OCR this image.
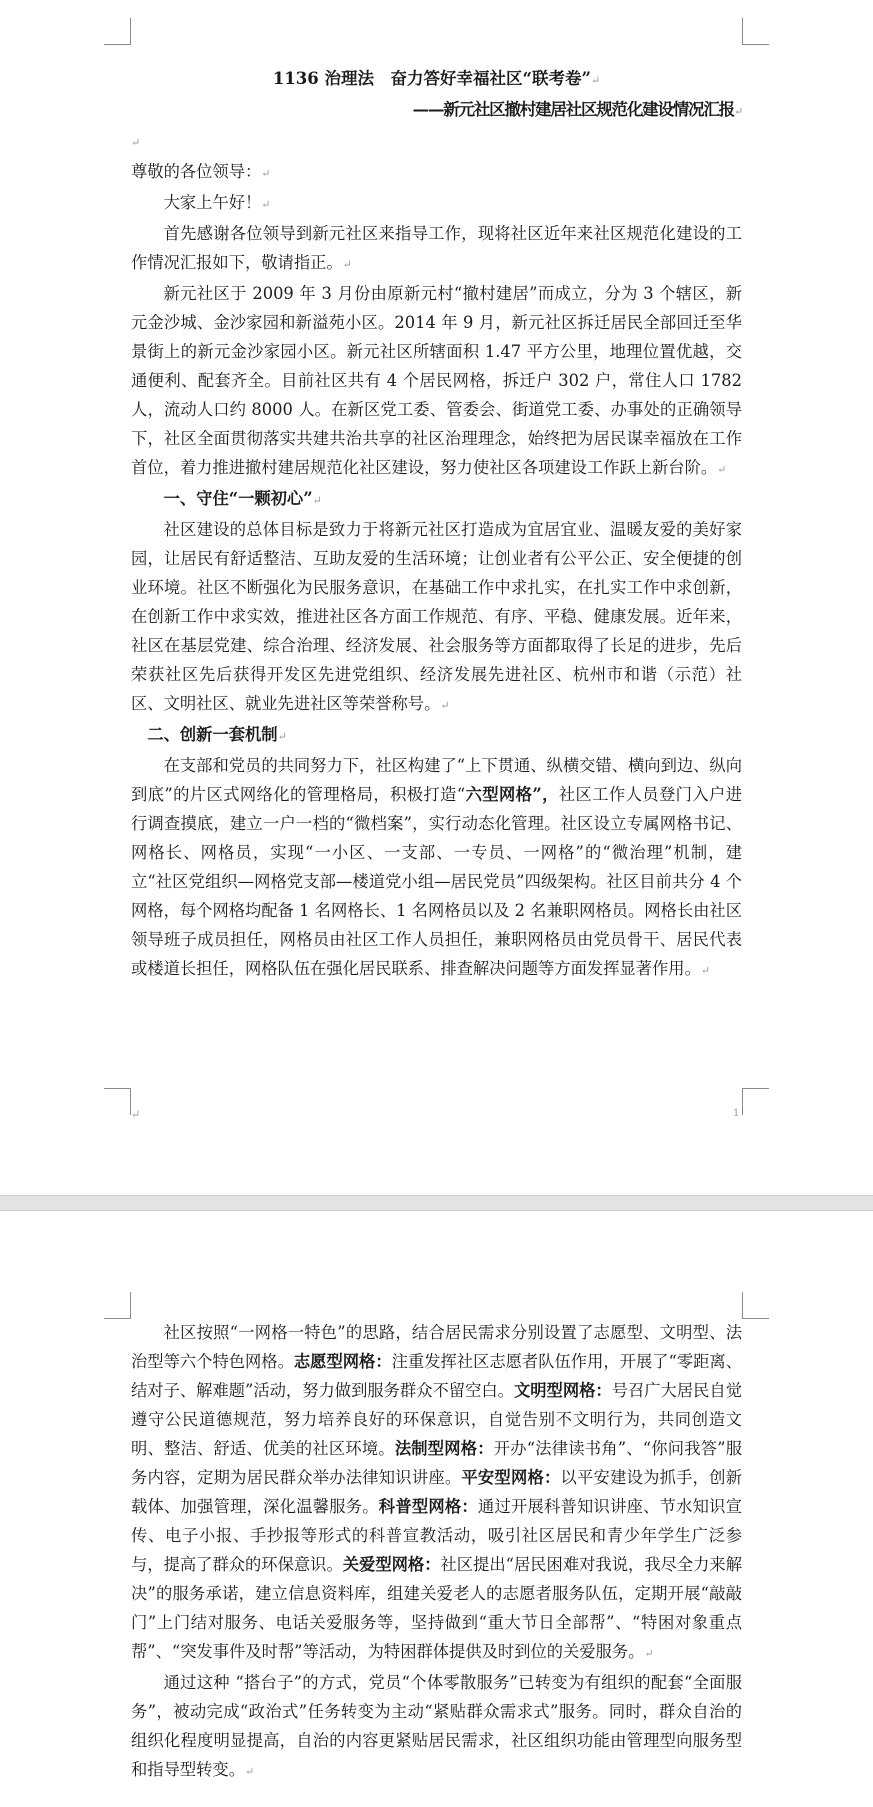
1136 治理法　奋力答好幸福社区“联考卷”↵

——新元社区撤村建居社区规范化建设情况汇报↵

↵

尊敬的各位领导：↵

大家上午好！↵

首先感谢各位领导到新元社区来指导工作，现将社区近年来社区规范化建设的工作情况汇报如下，敬请指正。↵

新元社区于 2009 年 3 月份由原新元村“撤村建居”而成立，分为 3 个辖区，新元金沙城、金沙家园和新溢苑小区。2014 年 9 月，新元社区拆迁居民全部回迁至华景街上的新元金沙家园小区。新元社区所辖面积 1.47 平方公里，地理位置优越，交通便利、配套齐全。目前社区共有 4 个居民网格，拆迁户 302 户，常住人口 1782 人，流动人口约 8000 人。在新区党工委、管委会、街道党工委、办事处的正确领导下，社区全面贯彻落实共建共治共享的社区治理理念，始终把为居民谋幸福放在工作首位，着力推进撤村建居规范化社区建设，努力使社区各项建设工作跃上新台阶。↵

一、守住“一颗初心”↵

社区建设的总体目标是致力于将新元社区打造成为宜居宜业、温暖友爱的美好家园，让居民有舒适整洁、互助友爱的生活环境；让创业者有公平公正、安全便捷的创业环境。社区不断强化为民服务意识，在基础工作中求扎实，在扎实工作中求创新，在创新工作中求实效，推进社区各方面工作规范、有序、平稳、健康发展。近年来，社区在基层党建、综合治理、经济发展、社会服务等方面都取得了长足的进步，先后荣获社区先后获得开发区先进党组织、经济发展先进社区、杭州市和谐（示范）社区、文明社区、就业先进社区等荣誉称号。↵

二、创新一套机制↵

在支部和党员的共同努力下，社区构建了“上下贯通、纵横交错、横向到边、纵向到底”的片区式网络化的管理格局，积极打造“六型网格”，社区工作人员登门入户进行调查摸底，建立一户一档的“微档案”，实行动态化管理。社区设立专属网格书记、网格长、网格员，实现“一小区、一支部、一专员、一网格”的“微治理”机制，建立“社区党组织—网格党支部—楼道党小组—居民党员”四级架构。社区目前共分 4 个网格，每个网格均配备 1 名网格长、1 名网格员以及 2 名兼职网格员。网格长由社区领导班子成员担任，网格员由社区工作人员担任，兼职网格员由党员骨干、居民代表或楼道长担任，网格队伍在强化居民联系、排查解决问题等方面发挥显著作用。↵

↵	1

社区按照“一网格一特色”的思路，结合居民需求分别设置了志愿型、文明型、法治型等六个特色网格。志愿型网格：注重发挥社区志愿者队伍作用，开展了“零距离、结对子、解难题”活动，努力做到服务群众不留空白。文明型网格：号召广大居民自觉遵守公民道德规范，努力培养良好的环保意识，自觉告别不文明行为，共同创造文明、整洁、舒适、优美的社区环境。法制型网格：开办“法律读书角”、“你问我答”服务内容，定期为居民群众举办法律知识讲座。平安型网格：以平安建设为抓手，创新载体、加强管理，深化温馨服务。科普型网格：通过开展科普知识讲座、节水知识宣传、电子小报、手抄报等形式的科普宣教活动，吸引社区居民和青少年学生广泛参与，提高了群众的环保意识。关爱型网格：社区提出“居民困难对我说，我尽全力来解决”的服务承诺，建立信息资料库，组建关爱老人的志愿者服务队伍，定期开展“敲敲门”上门结对服务、电话关爱服务等，坚持做到“重大节日全部帮”、“特困对象重点帮”、“突发事件及时帮”等活动，为特困群体提供及时到位的关爱服务。↵

通过这种 “搭台子”的方式，党员“个体零散服务”已转变为有组织的配套“全面服务”，被动完成“政治式”任务转变为主动“紧贴群众需求式”服务。同时，群众自治的组织化程度明显提高，自治的内容更紧贴居民需求，社区组织功能由管理型向服务型和指导型转变。↵
